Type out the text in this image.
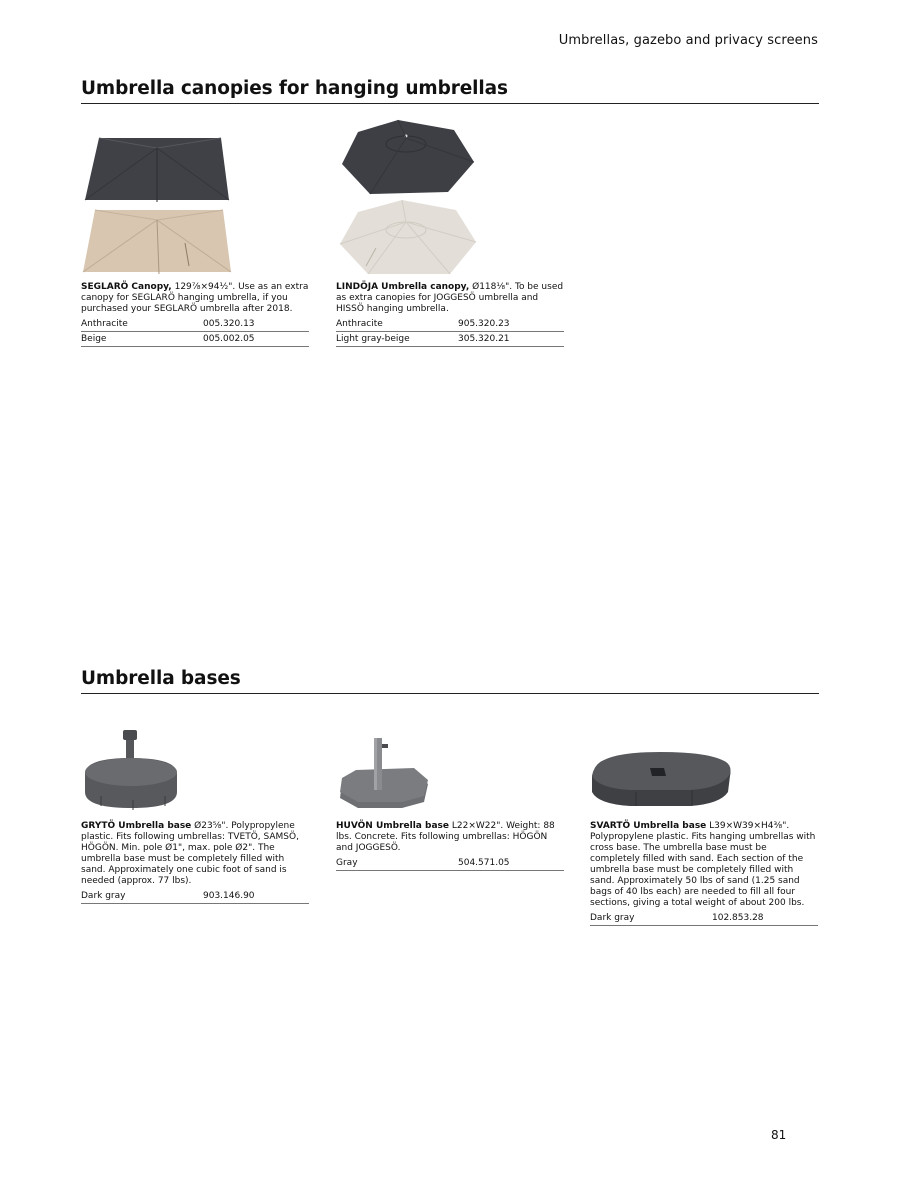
Umbrellas, gazebo and privacy screens
Umbrella canopies for hanging umbrellas

SEGLARÖ Canopy, 129⅞×94½". Use as an extra canopy for SEGLARÖ hanging umbrella, if you purchased your SEGLARÖ umbrella after 2018.

Anthracite	005.320.13
Beige	005.002.05

LINDÖJA Umbrella canopy, Ø118⅛". To be used as extra canopies for JOGGESÖ umbrella and HISSÖ hanging umbrella.

Anthracite	905.320.23
Light gray-beige	305.320.21
Umbrella bases

GRYTÖ Umbrella base Ø23⅝". Polypropylene plastic. Fits following umbrellas: TVETÖ, SAMSÖ, HÖGÖN. Min. pole Ø1", max. pole Ø2". The umbrella base must be completely filled with sand. Approximately one cubic foot of sand is needed (approx. 77 lbs).

Dark gray	903.146.90

HUVÖN Umbrella base L22×W22". Weight: 88 lbs. Concrete. Fits following umbrellas: HÖGÖN and JOGGESÖ.

Gray	504.571.05

SVARTÖ Umbrella base L39×W39×H4⅜". Polypropylene plastic. Fits hanging umbrellas with cross base. The umbrella base must be completely filled with sand. Each section of the umbrella base must be completely filled with sand. Approximately 50 lbs of sand (1.25 sand bags of 40 lbs each) are needed to fill all four sections, giving a total weight of about 200 lbs.

Dark gray	102.853.28
81
